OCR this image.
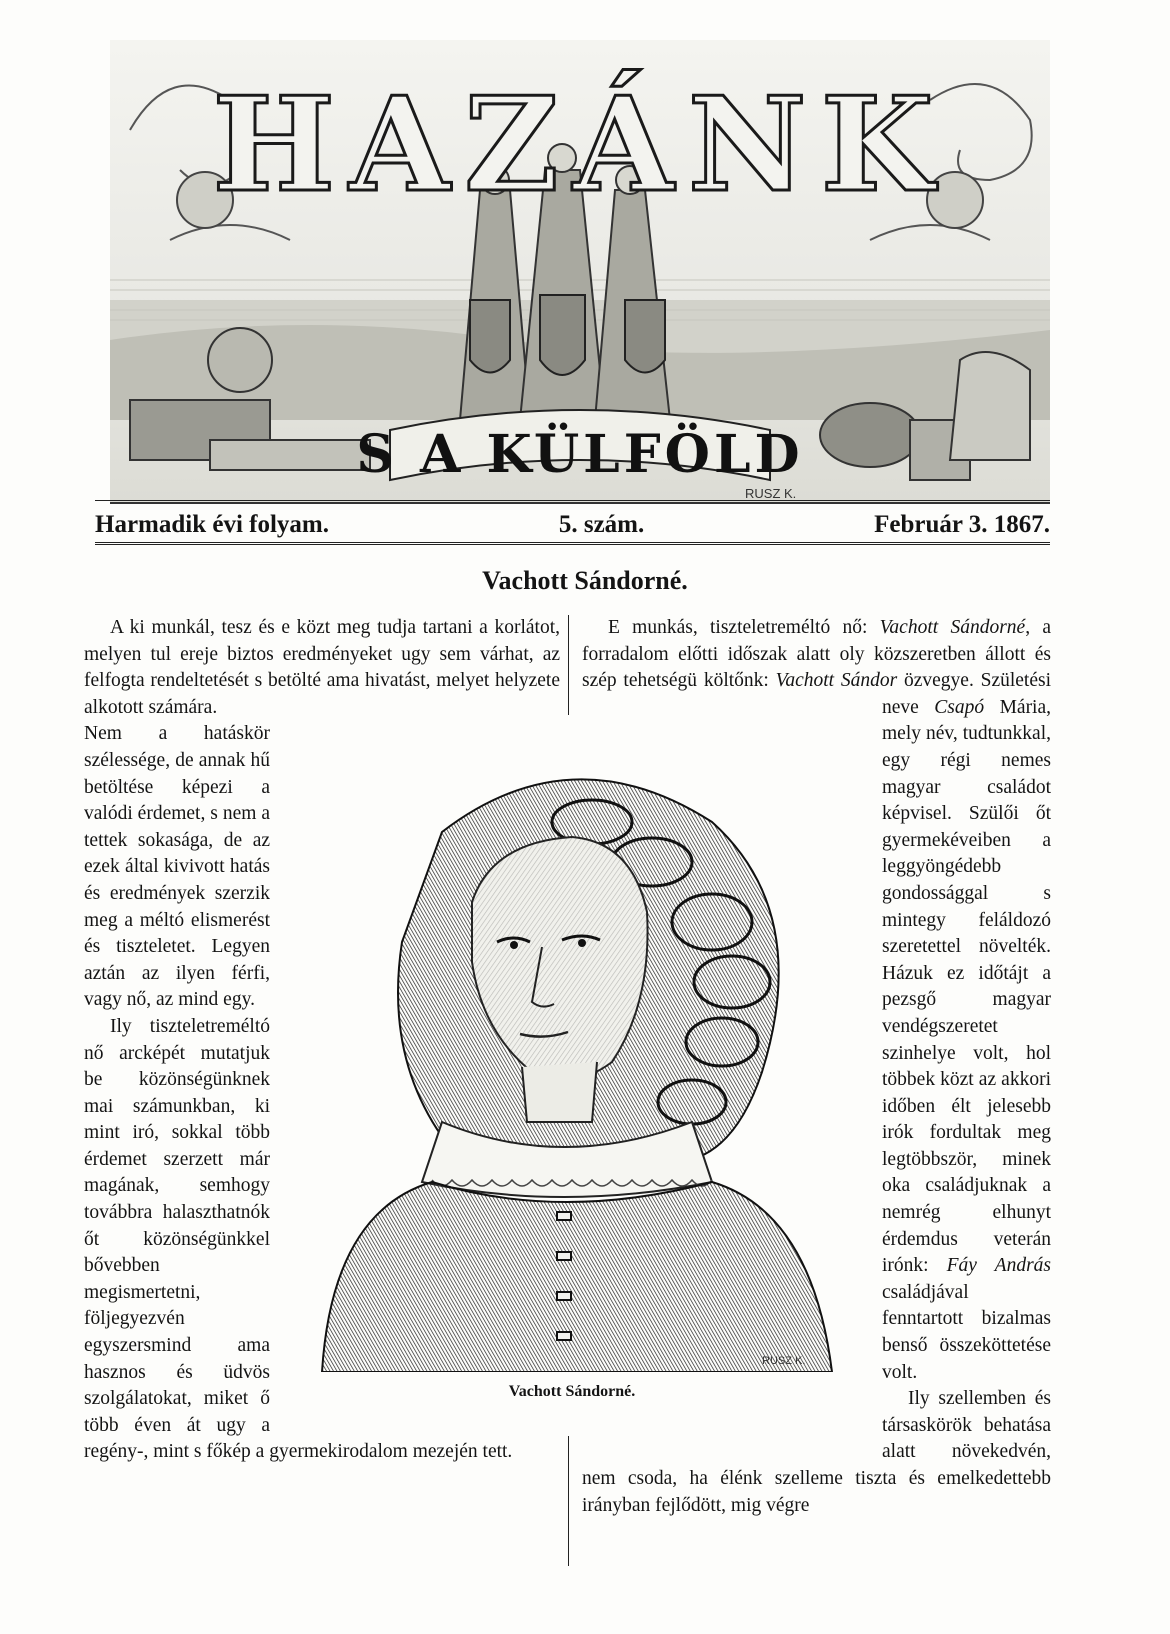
HAZÁNK
S A KÜLFÖLD
RUSZ K.
Harmadik évi folyam.	5. szám.	Február 3. 1867.
Vachott Sándorné.

A ki munkál, tesz és e közt meg tudja tartani a korlátot, melyen tul ereje biztos eredményeket ugy sem várhat, az felfogta rendeltetését s betölté ama hivatást, melyet helyzete alkotott számára.

Nem a hatáskör szélessége, de annak hű betöltése képezi a valódi érdemet, s nem a tettek sokasága, de az ezek által kivivott hatás és eredmények szerzik meg a méltó elismerést és tiszteletet. Legyen aztán az ilyen férfi, vagy nő, az mind egy.

Ily tiszteletreméltó nő arcképét mutatjuk be közönségünknek mai számunkban, ki mint iró, sokkal több érdemet szerzett már magának, semhogy továbbra halaszthatnók őt közönségünkkel bővebben megismertetni, följegyezvén egyszersmind ama hasznos és üdvös szolgálatokat, miket ő több éven át ugy a regény-, mint s főkép a gyermekirodalom mezején tett.

E munkás, tiszteletreméltó nő: Vachott Sándorné, a forradalom előtti időszak alatt oly közszeretben állott és szép tehetségü költőnk: Vachott Sándor özvegye. Születési neve Csapó
Mária, mely név, tudtunkkal, egy régi nemes magyar családot képvisel. Szülői őt gyermekéveiben a leggyöngédebb gondossággal s mintegy feláldozó szeretettel növelték. Házuk ez időtájt a pezsgő magyar vendégszeretet szinhelye volt, hol többek közt az akkori időben élt jelesebb irók fordultak meg legtöbbször, minek oka családjuknak a nemrég elhunyt érdemdus veterán irónk: Fáy András családjával fenntartott bizalmas benső összeköttetése volt.

Ily szellemben és társaskörök behatása alatt növekedvén, nem csoda, ha élénk szelleme tiszta és emelkedettebb irányban fejlődött, mig végre

RUSZ K.
Vachott Sándorné.
